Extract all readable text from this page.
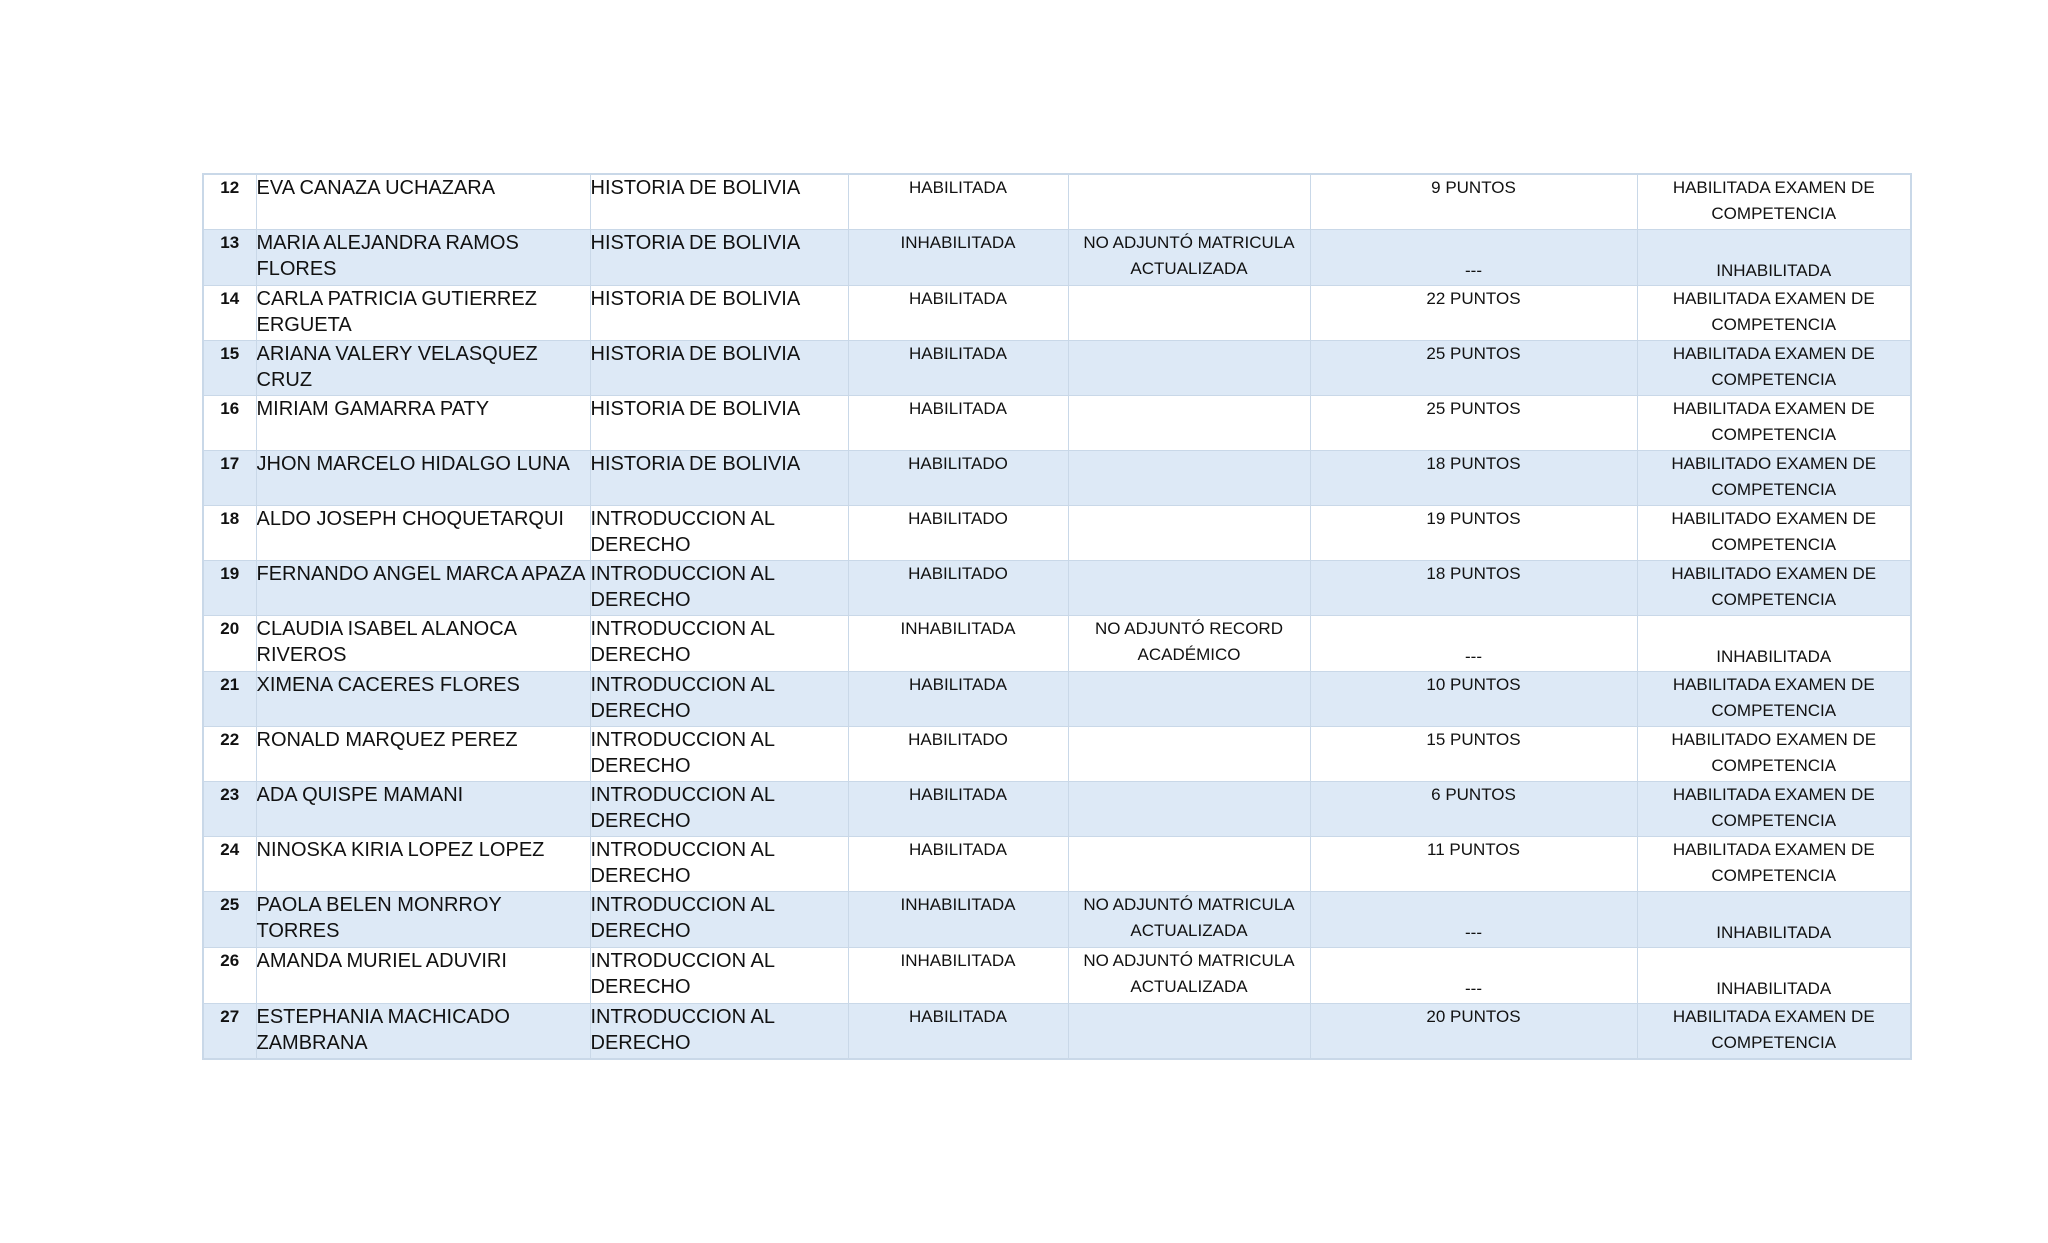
12	EVA CANAZA UCHAZARA	HISTORIA DE BOLIVIA	HABILITADA		9 PUNTOS	HABILITADA EXAMEN DE COMPETENCIA

13	MARIA ALEJANDRA RAMOS FLORES	HISTORIA DE BOLIVIA	INHABILITADA	NO ADJUNTÓ MATRICULA ACTUALIZADA	---	INHABILITADA

14	CARLA PATRICIA GUTIERREZ ERGUETA	HISTORIA DE BOLIVIA	HABILITADA		22 PUNTOS	HABILITADA EXAMEN DE COMPETENCIA

15	ARIANA VALERY VELASQUEZ CRUZ	HISTORIA DE BOLIVIA	HABILITADA		25 PUNTOS	HABILITADA EXAMEN DE COMPETENCIA

16	MIRIAM GAMARRA PATY	HISTORIA DE BOLIVIA	HABILITADA		25 PUNTOS	HABILITADA EXAMEN DE COMPETENCIA

17	JHON MARCELO HIDALGO LUNA	HISTORIA DE BOLIVIA	HABILITADO		18 PUNTOS	HABILITADO EXAMEN DE COMPETENCIA

18	ALDO JOSEPH CHOQUETARQUI	INTRODUCCION AL DERECHO	HABILITADO		19 PUNTOS	HABILITADO EXAMEN DE COMPETENCIA

19	FERNANDO ANGEL MARCA APAZA	INTRODUCCION AL DERECHO	HABILITADO		18 PUNTOS	HABILITADO EXAMEN DE COMPETENCIA

20	CLAUDIA ISABEL ALANOCA RIVEROS	INTRODUCCION AL DERECHO	INHABILITADA	NO ADJUNTÓ RECORD ACADÉMICO	---	INHABILITADA

21	XIMENA CACERES FLORES	INTRODUCCION AL DERECHO	HABILITADA		10 PUNTOS	HABILITADA EXAMEN DE COMPETENCIA

22	RONALD MARQUEZ PEREZ	INTRODUCCION AL DERECHO	HABILITADO		15 PUNTOS	HABILITADO EXAMEN DE COMPETENCIA

23	ADA QUISPE MAMANI	INTRODUCCION AL DERECHO	HABILITADA		6 PUNTOS	HABILITADA EXAMEN DE COMPETENCIA

24	NINOSKA KIRIA LOPEZ LOPEZ	INTRODUCCION AL DERECHO	HABILITADA		11 PUNTOS	HABILITADA EXAMEN DE COMPETENCIA

25	PAOLA BELEN MONRROY TORRES	INTRODUCCION AL DERECHO	INHABILITADA	NO ADJUNTÓ MATRICULA ACTUALIZADA	---	INHABILITADA

26	AMANDA MURIEL ADUVIRI	INTRODUCCION AL DERECHO	INHABILITADA	NO ADJUNTÓ MATRICULA ACTUALIZADA	---	INHABILITADA

27	ESTEPHANIA MACHICADO ZAMBRANA	INTRODUCCION AL DERECHO	HABILITADA		20 PUNTOS	HABILITADA EXAMEN DE COMPETENCIA
